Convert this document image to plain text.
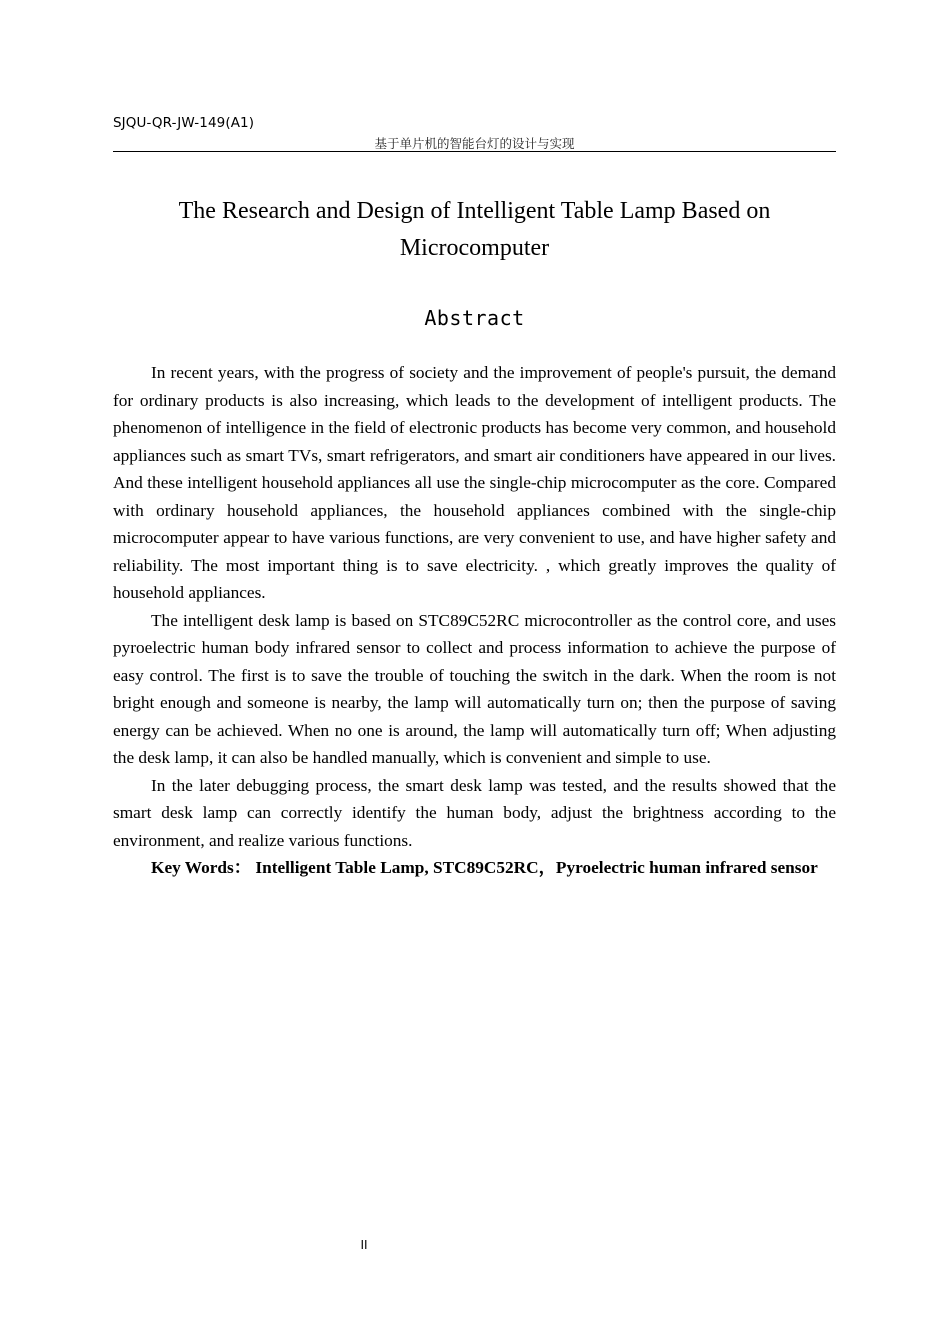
SJQU-QR-JW-149(A1)
基于单片机的智能台灯的设计与实现
The Research and Design of Intelligent Table Lamp Based on Microcomputer
Abstract

In recent years, with the progress of society and the improvement of people's pursuit, the demand for ordinary products is also increasing, which leads to the development of intelligent products. The phenomenon of intelligence in the field of electronic products has become very common, and household appliances such as smart TVs, smart refrigerators, and smart air conditioners have appeared in our lives. And these intelligent household appliances all use the single-chip microcomputer as the core. Compared with ordinary household appliances, the household appliances combined with the single-chip microcomputer appear to have various functions, are very convenient to use, and have higher safety and reliability. The most important thing is to save electricity. , which greatly improves the quality of household appliances.

The intelligent desk lamp is based on STC89C52RC microcontroller as the control core, and uses pyroelectric human body infrared sensor to collect and process information to achieve the purpose of easy control. The first is to save the trouble of touching the switch in the dark. When the room is not bright enough and someone is nearby, the lamp will automatically turn on; then the purpose of saving energy can be achieved. When no one is around, the lamp will automatically turn off; When adjusting the desk lamp, it can also be handled manually, which is convenient and simple to use.

In the later debugging process, the smart desk lamp was tested, and the results showed that the smart desk lamp can correctly identify the human body, adjust the brightness according to the environment, and realize various functions.

Key Words： Intelligent Table Lamp, STC89C52RC，Pyroelectric human infrared sensor

II
